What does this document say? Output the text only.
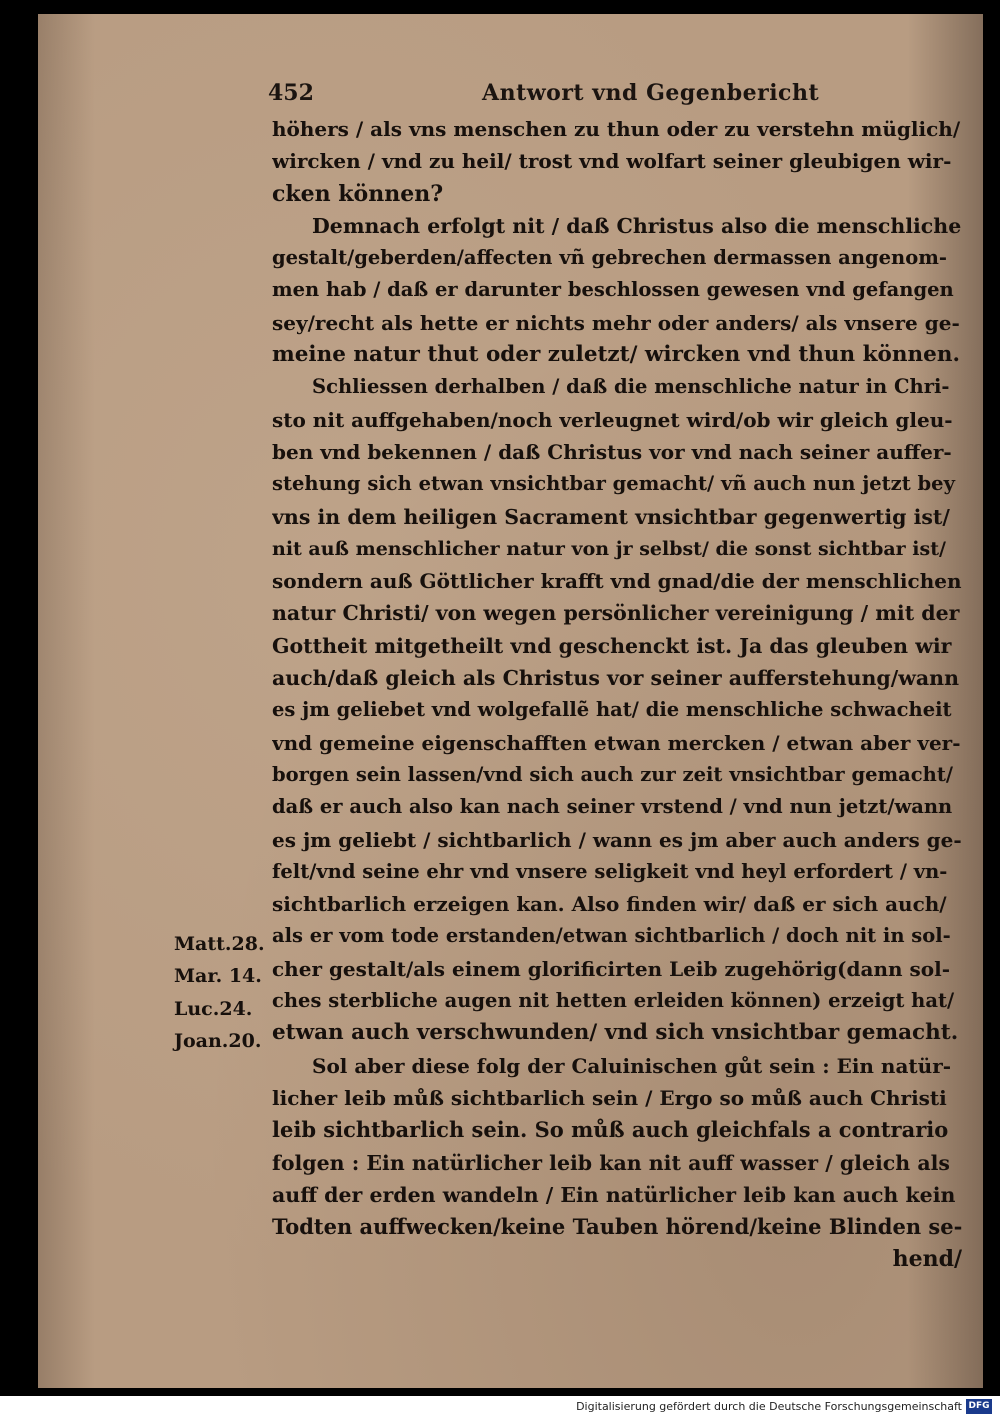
452	Antwort vnd Gegenbericht
höhers / als vns menschen zu thun oder zu verstehn müglich/
wircken / vnd zu heil/ trost vnd wolfart seiner gleubigen wir-
cken können?
Demnach erfolgt nit / daß Christus also die menschliche
gestalt/geberden/affecten vñ gebrechen dermassen angenom-
men hab / daß er darunter beschlossen gewesen vnd gefangen
sey/recht als hette er nichts mehr oder anders/ als vnsere ge-
meine natur thut oder zuletzt/ wircken vnd thun können.
Schliessen derhalben / daß die menschliche natur in Chri-
sto nit auffgehaben/noch verleugnet wird/ob wir gleich gleu-
ben vnd bekennen / daß Christus vor vnd nach seiner auffer-
stehung sich etwan vnsichtbar gemacht/ vñ auch nun jetzt bey
vns in dem heiligen Sacrament vnsichtbar gegenwertig ist/
nit auß menschlicher natur von jr selbst/ die sonst sichtbar ist/
sondern auß Göttlicher krafft vnd gnad/die der menschlichen
natur Christi/ von wegen persönlicher vereinigung / mit der
Gottheit mitgetheilt vnd geschenckt ist. Ja das gleuben wir
auch/daß gleich als Christus vor seiner aufferstehung/wann
es jm geliebet vnd wolgefallẽ hat/ die menschliche schwacheit
vnd gemeine eigenschafften etwan mercken / etwan aber ver-
borgen sein lassen/vnd sich auch zur zeit vnsichtbar gemacht/
daß er auch also kan nach seiner vrstend / vnd nun jetzt/wann
es jm geliebt / sichtbarlich / wann es jm aber auch anders ge-
felt/vnd seine ehr vnd vnsere seligkeit vnd heyl erfordert / vn-
sichtbarlich erzeigen kan. Also finden wir/ daß er sich auch/
als er vom tode erstanden/etwan sichtbarlich / doch nit in sol-
cher gestalt/als einem glorificirten Leib zugehörig(dann sol-
ches sterbliche augen nit hetten erleiden können) erzeigt hat/
etwan auch verschwunden/ vnd sich vnsichtbar gemacht.
Sol aber diese folg der Caluinischen gůt sein : Ein natür-
licher leib můß sichtbarlich sein / Ergo so můß auch Christi
leib sichtbarlich sein. So můß auch gleichfals a contrario
folgen : Ein natürlicher leib kan nit auff wasser / gleich als
auff der erden wandeln / Ein natürlicher leib kan auch kein
Todten auffwecken/keine Tauben hörend/keine Blinden se-
hend/
Matt.28.
Mar. 14.
Luc.24.
Joan.20.
Digitalisierung gefördert durch die Deutsche Forschungsgemeinschaft DFG
